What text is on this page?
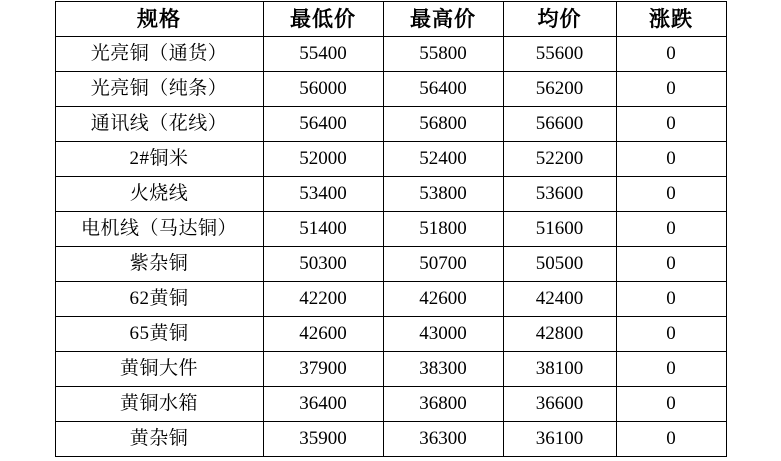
规格	最低价	最高价	均价	涨跌
光亮铜（通货）	55400	55800	55600	0
光亮铜（纯条）	56000	56400	56200	0
通讯线（花线）	56400	56800	56600	0
2#铜米	52000	52400	52200	0
火烧线	53400	53800	53600	0
电机线（马达铜）	51400	51800	51600	0
紫杂铜	50300	50700	50500	0
62黄铜	42200	42600	42400	0
65黄铜	42600	43000	42800	0
黄铜大件	37900	38300	38100	0
黄铜水箱	36400	36800	36600	0
黄杂铜	35900	36300	36100	0
